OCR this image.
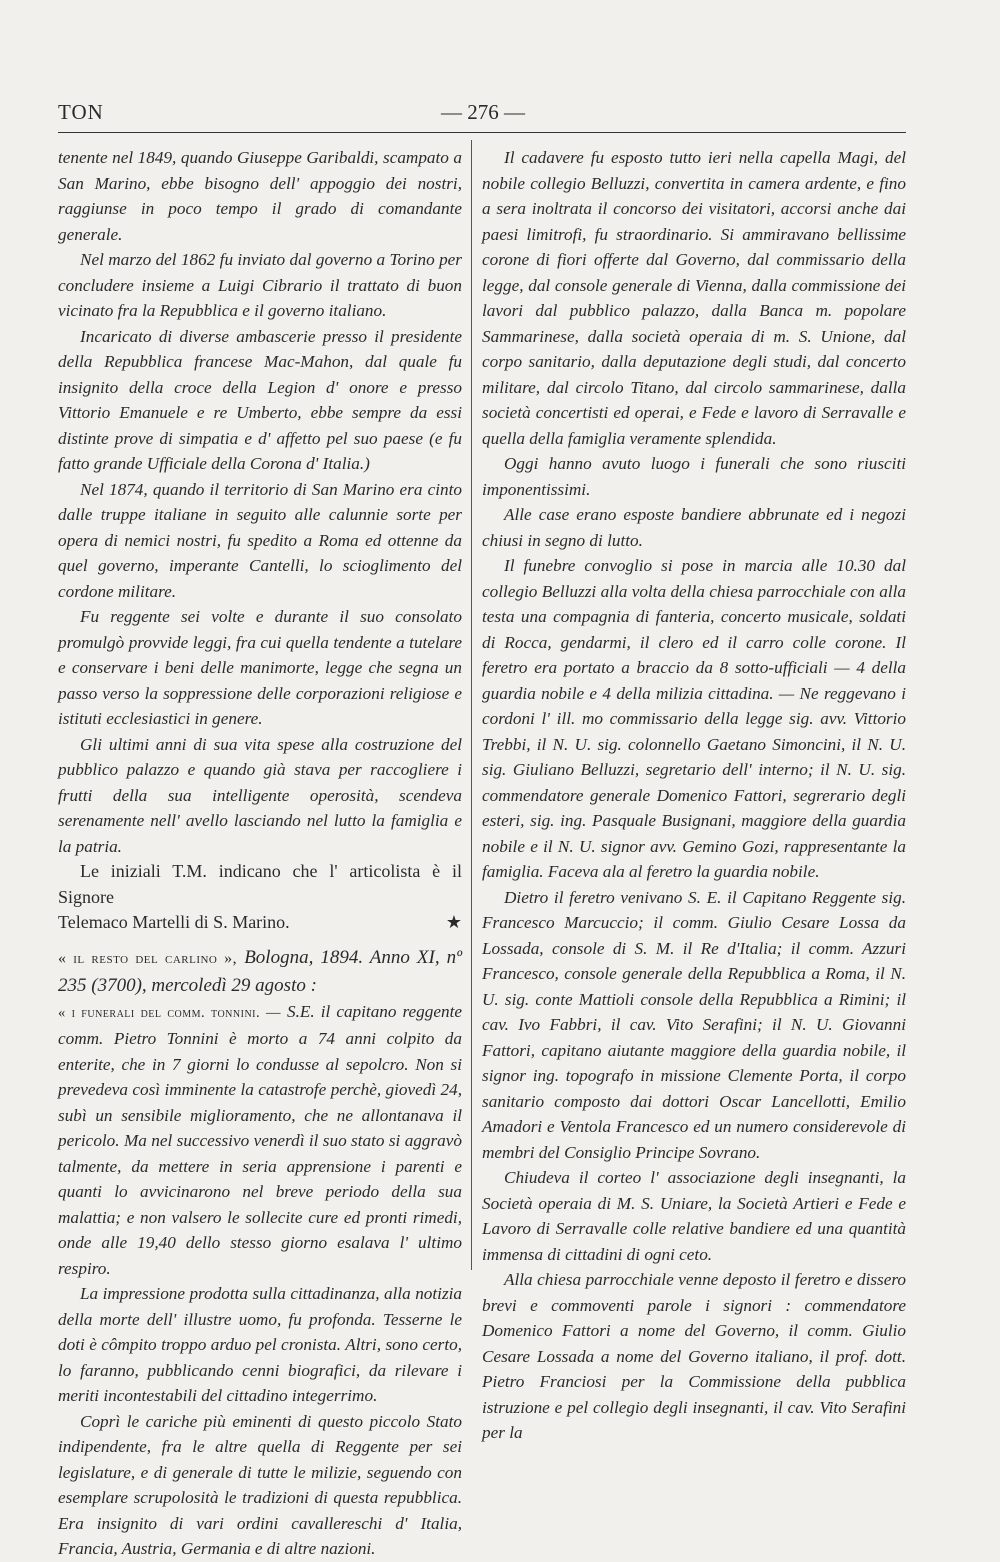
TON	— 276 —

tenente nel 1849, quando Giuseppe Garibaldi, scampato a San Marino, ebbe bisogno dell' appoggio dei nostri, raggiunse in poco tempo il grado di comandante generale.

Nel marzo del 1862 fu inviato dal governo a Torino per concludere insieme a Luigi Cibrario il trattato di buon vicinato fra la Repubblica e il governo italiano.

Incaricato di diverse ambascerie presso il presidente della Repubblica francese Mac-Mahon, dal quale fu insignito della croce della Legion d' onore e presso Vittorio Emanuele e re Umberto, ebbe sempre da essi distinte prove di simpatia e d' affetto pel suo paese (e fu fatto grande Ufficiale della Corona d' Italia.)

Nel 1874, quando il territorio di San Marino era cinto dalle truppe italiane in seguito alle calunnie sorte per opera di nemici nostri, fu spedito a Roma ed ottenne da quel governo, imperante Cantelli, lo scioglimento del cordone militare.

Fu reggente sei volte e durante il suo consolato promulgò provvide leggi, fra cui quella tendente a tutelare e conservare i beni delle manimorte, legge che segna un passo verso la soppressione delle corporazioni religiose e istituti ecclesiastici in genere.

Gli ultimi anni di sua vita spese alla costruzione del pubblico palazzo e quando già stava per raccogliere i frutti della sua intelligente operosità, scendeva serenamente nell' avello lasciando nel lutto la famiglia e la patria.

Le iniziali T.M. indicano che l' articolista è il Signore

Telemaco Martelli di S. Marino.	★

« il resto del carlino », Bologna, 1894. Anno XI, nº 235 (3700), mercoledì 29 agosto :

« i funerali del comm. tonnini. — S.E. il capitano reggente comm. Pietro Tonnini è morto a 74 anni colpito da enterite, che in 7 giorni lo condusse al sepolcro. Non si prevedeva così imminente la catastrofe perchè, giovedì 24, subì un sensibile miglioramento, che ne allontanava il pericolo. Ma nel successivo venerdì il suo stato si aggravò talmente, da mettere in seria apprensione i parenti e quanti lo avvicinarono nel breve periodo della sua malattia; e non valsero le sollecite cure ed pronti rimedi, onde alle 19,40 dello stesso giorno esalava l' ultimo respiro.

La impressione prodotta sulla cittadinanza, alla notizia della morte dell' illustre uomo, fu profonda. Tesserne le doti è cômpito troppo arduo pel cronista. Altri, sono certo, lo faranno, pubblicando cenni biografici, da rilevare i meriti incontestabili del cittadino integerrimo.

Coprì le cariche più eminenti di questo piccolo Stato indipendente, fra le altre quella di Reggente per sei legislature, e di generale di tutte le milizie, seguendo con esemplare scrupolosità le tradizioni di questa repubblica. Era insignito di vari ordini cavallereschi d' Italia, Francia, Austria, Germania e di altre nazioni.

Il cadavere fu esposto tutto ieri nella capella Magi, del nobile collegio Belluzzi, convertita in camera ardente, e fino a sera inoltrata il concorso dei visitatori, accorsi anche dai paesi limitrofi, fu straordinario. Si ammiravano bellissime corone di fiori offerte dal Governo, dal commissario della legge, dal console generale di Vienna, dalla commissione dei lavori dal pubblico palazzo, dalla Banca m. popolare Sammarinese, dalla società operaia di m. S. Unione, dal corpo sanitario, dalla deputazione degli studi, dal concerto militare, dal circolo Titano, dal circolo sammarinese, dalla società concertisti ed operai, e Fede e lavoro di Serravalle e quella della famiglia veramente splendida.

Oggi hanno avuto luogo i funerali che sono riusciti imponentissimi.

Alle case erano esposte bandiere abbrunate ed i negozi chiusi in segno di lutto.

Il funebre convoglio si pose in marcia alle 10.30 dal collegio Belluzzi alla volta della chiesa parrocchiale con alla testa una compagnia di fanteria, concerto musicale, soldati di Rocca, gendarmi, il clero ed il carro colle corone. Il feretro era portato a braccio da 8 sotto-ufficiali — 4 della guardia nobile e 4 della milizia cittadina. — Ne reggevano i cordoni l' ill. mo commissario della legge sig. avv. Vittorio Trebbi, il N. U. sig. colonnello Gaetano Simoncini, il N. U. sig. Giuliano Belluzzi, segretario dell' interno; il N. U. sig. commendatore generale Domenico Fattori, segrerario degli esteri, sig. ing. Pasquale Busignani, maggiore della guardia nobile e il N. U. signor avv. Gemino Gozi, rappresentante la famiglia. Faceva ala al feretro la guardia nobile.

Dietro il feretro venivano S. E. il Capitano Reggente sig. Francesco Marcuccio; il comm. Giulio Cesare Lossa da Lossada, console di S. M. il Re d'Italia; il comm. Azzuri Francesco, console generale della Repubblica a Roma, il N. U. sig. conte Mattioli console della Repubblica a Rimini; il cav. Ivo Fabbri, il cav. Vito Serafini; il N. U. Giovanni Fattori, capitano aiutante maggiore della guardia nobile, il signor ing. topografo in missione Clemente Porta, il corpo sanitario composto dai dottori Oscar Lancellotti, Emilio Amadori e Ventola Francesco ed un numero considerevole di membri del Consiglio Principe Sovrano.

Chiudeva il corteo l' associazione degli insegnanti, la Società operaia di M. S. Uniare, la Società Artieri e Fede e Lavoro di Serravalle colle relative bandiere ed una quantità immensa di cittadini di ogni ceto.

Alla chiesa parrocchiale venne deposto il feretro e dissero brevi e commoventi parole i signori : commendatore Domenico Fattori a nome del Governo, il comm. Giulio Cesare Lossada a nome del Governo italiano, il prof. dott. Pietro Franciosi per la Commissione della pubblica istruzione e pel collegio degli insegnanti, il cav. Vito Serafini per la
